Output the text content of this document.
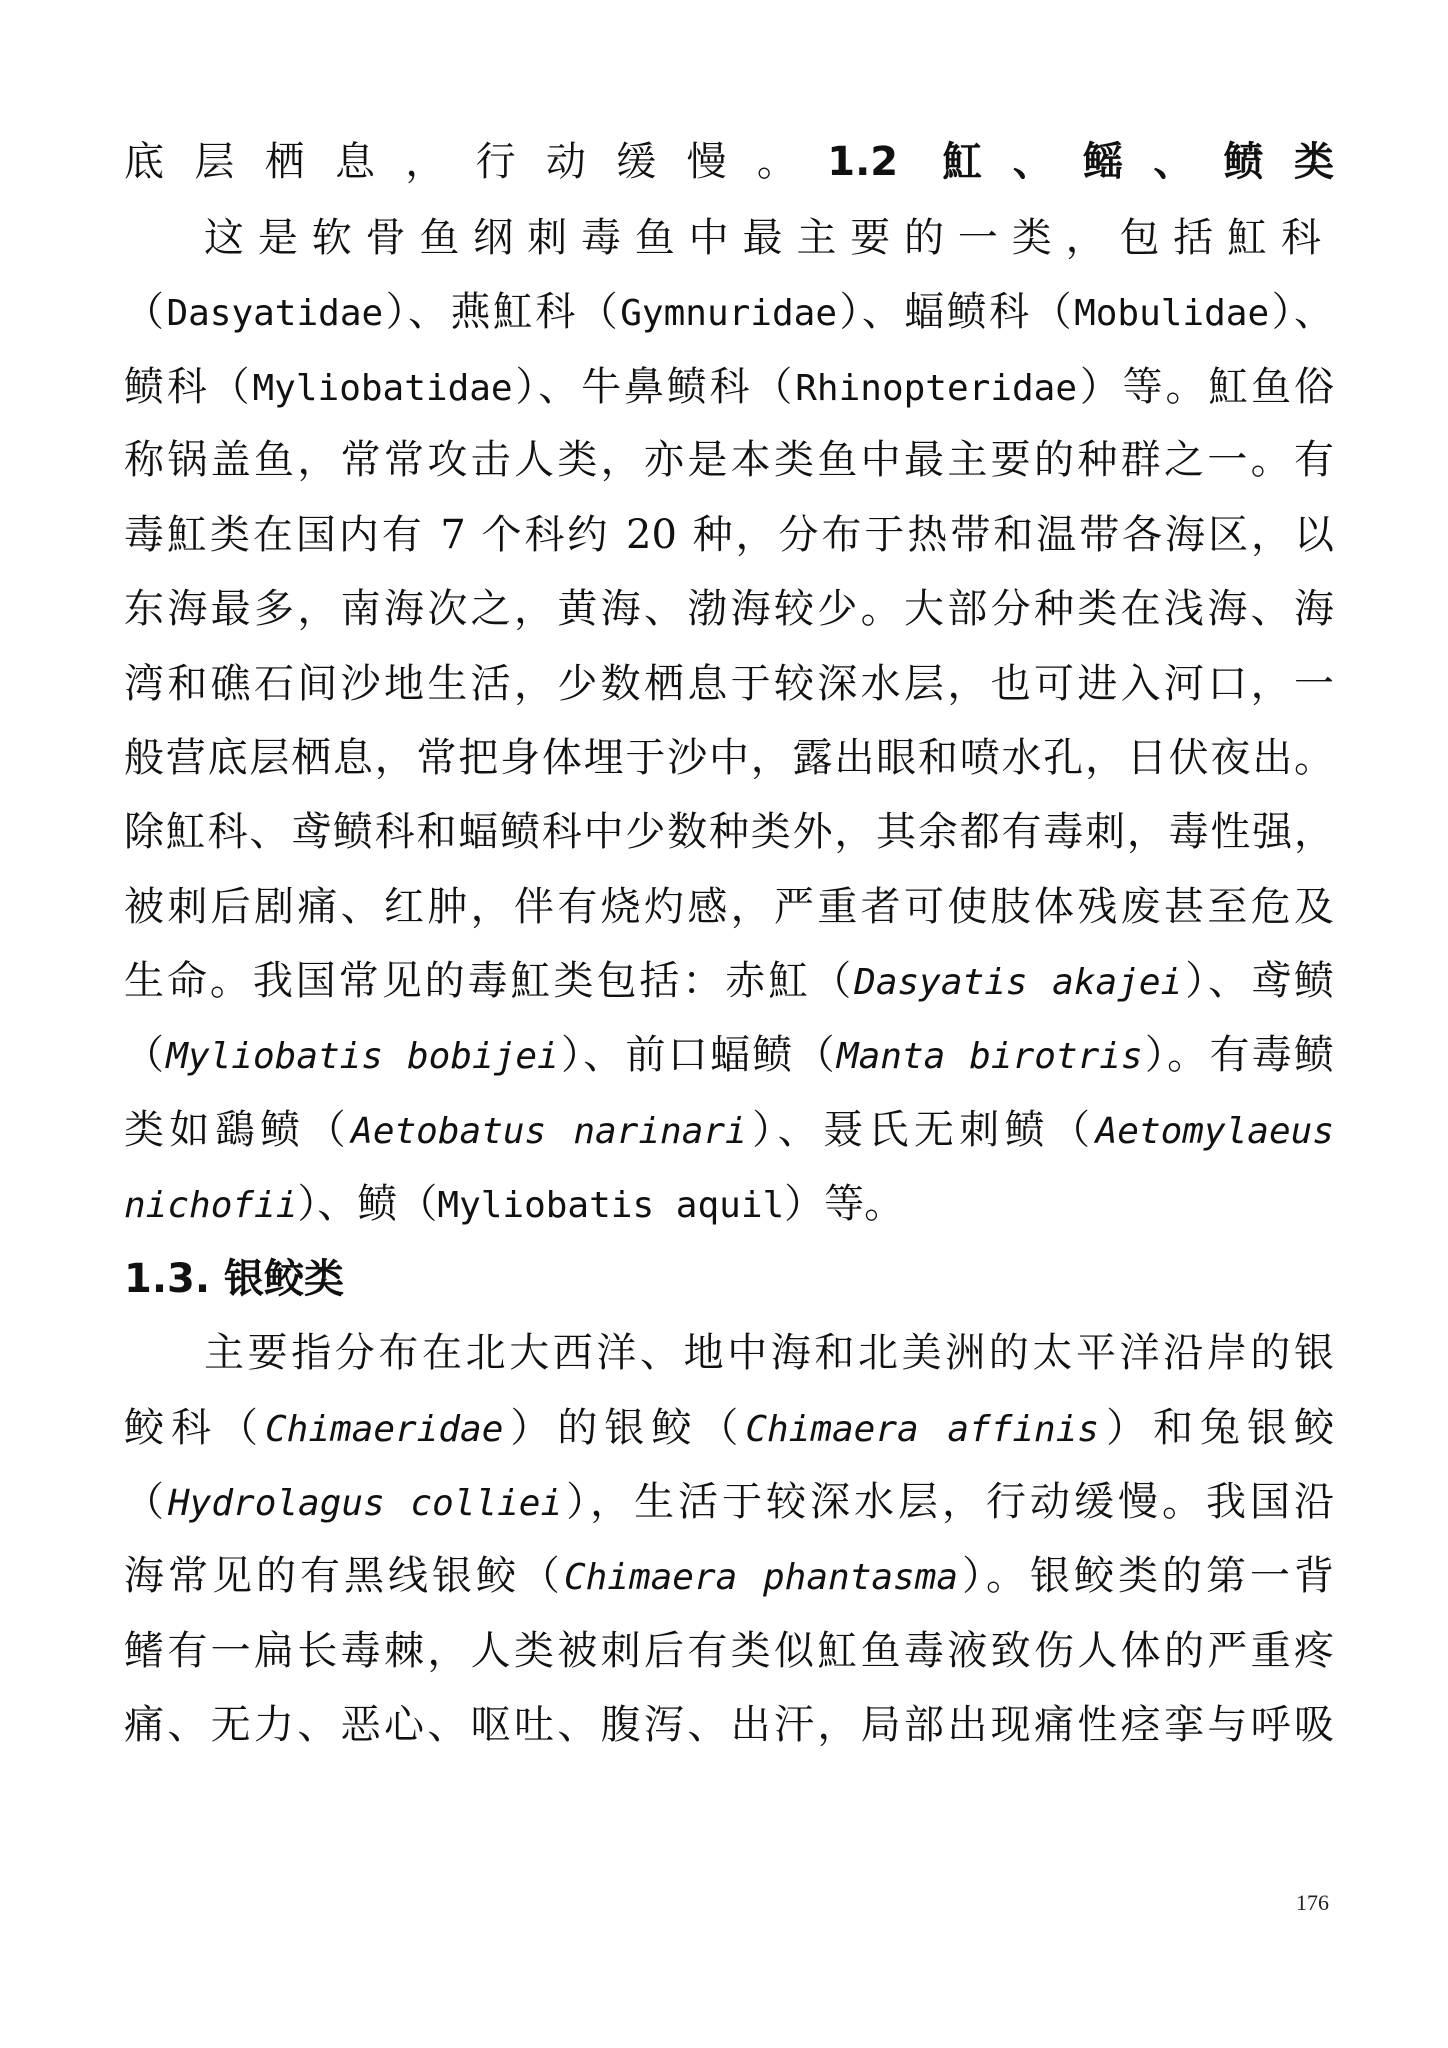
底层栖息，行动缓慢。1.2 魟、鳐、鲼类
这是软骨鱼纲刺毒鱼中最主要的一类，包括魟科
（Dasyatidae）、燕魟科（Gymnuridae）、蝠鲼科（Mobulidae）、
鲼科（Myliobatidae）、牛鼻鲼科（Rhinopteridae）等。魟鱼俗
称锅盖鱼，常常攻击人类，亦是本类鱼中最主要的种群之一。有
毒魟类在国内有 7 个科约 20 种，分布于热带和温带各海区，以
东海最多，南海次之，黄海、渤海较少。大部分种类在浅海、海
湾和礁石间沙地生活，少数栖息于较深水层，也可进入河口，一
般营底层栖息，常把身体埋于沙中，露出眼和喷水孔，日伏夜出。
除魟科、鸢鲼科和蝠鲼科中少数种类外，其余都有毒刺，毒性强，
被刺后剧痛、红肿，伴有烧灼感，严重者可使肢体残废甚至危及
生命。我国常见的毒魟类包括：赤魟（Dasyatis akajei）、鸢鲼
（Myliobatis bobijei）、前口蝠鲼（Manta birotris）。有毒鲼
类如鷂鲼（Aetobatus narinari）、聂氏无刺鲼（Aetomylaeus
nichofii）、鲼（Myliobatis aquil）等。
1.3. 银鲛类
主要指分布在北大西洋、地中海和北美洲的太平洋沿岸的银
鲛科（Chimaeridae）的银鲛（Chimaera affinis）和兔银鲛
（Hydrolagus colliei），生活于较深水层，行动缓慢。我国沿
海常见的有黑线银鲛（Chimaera phantasma）。银鲛类的第一背
鳍有一扁长毒棘，人类被刺后有类似魟鱼毒液致伤人体的严重疼
痛、无力、恶心、呕吐、腹泻、出汗，局部出现痛性痉挛与呼吸
176
